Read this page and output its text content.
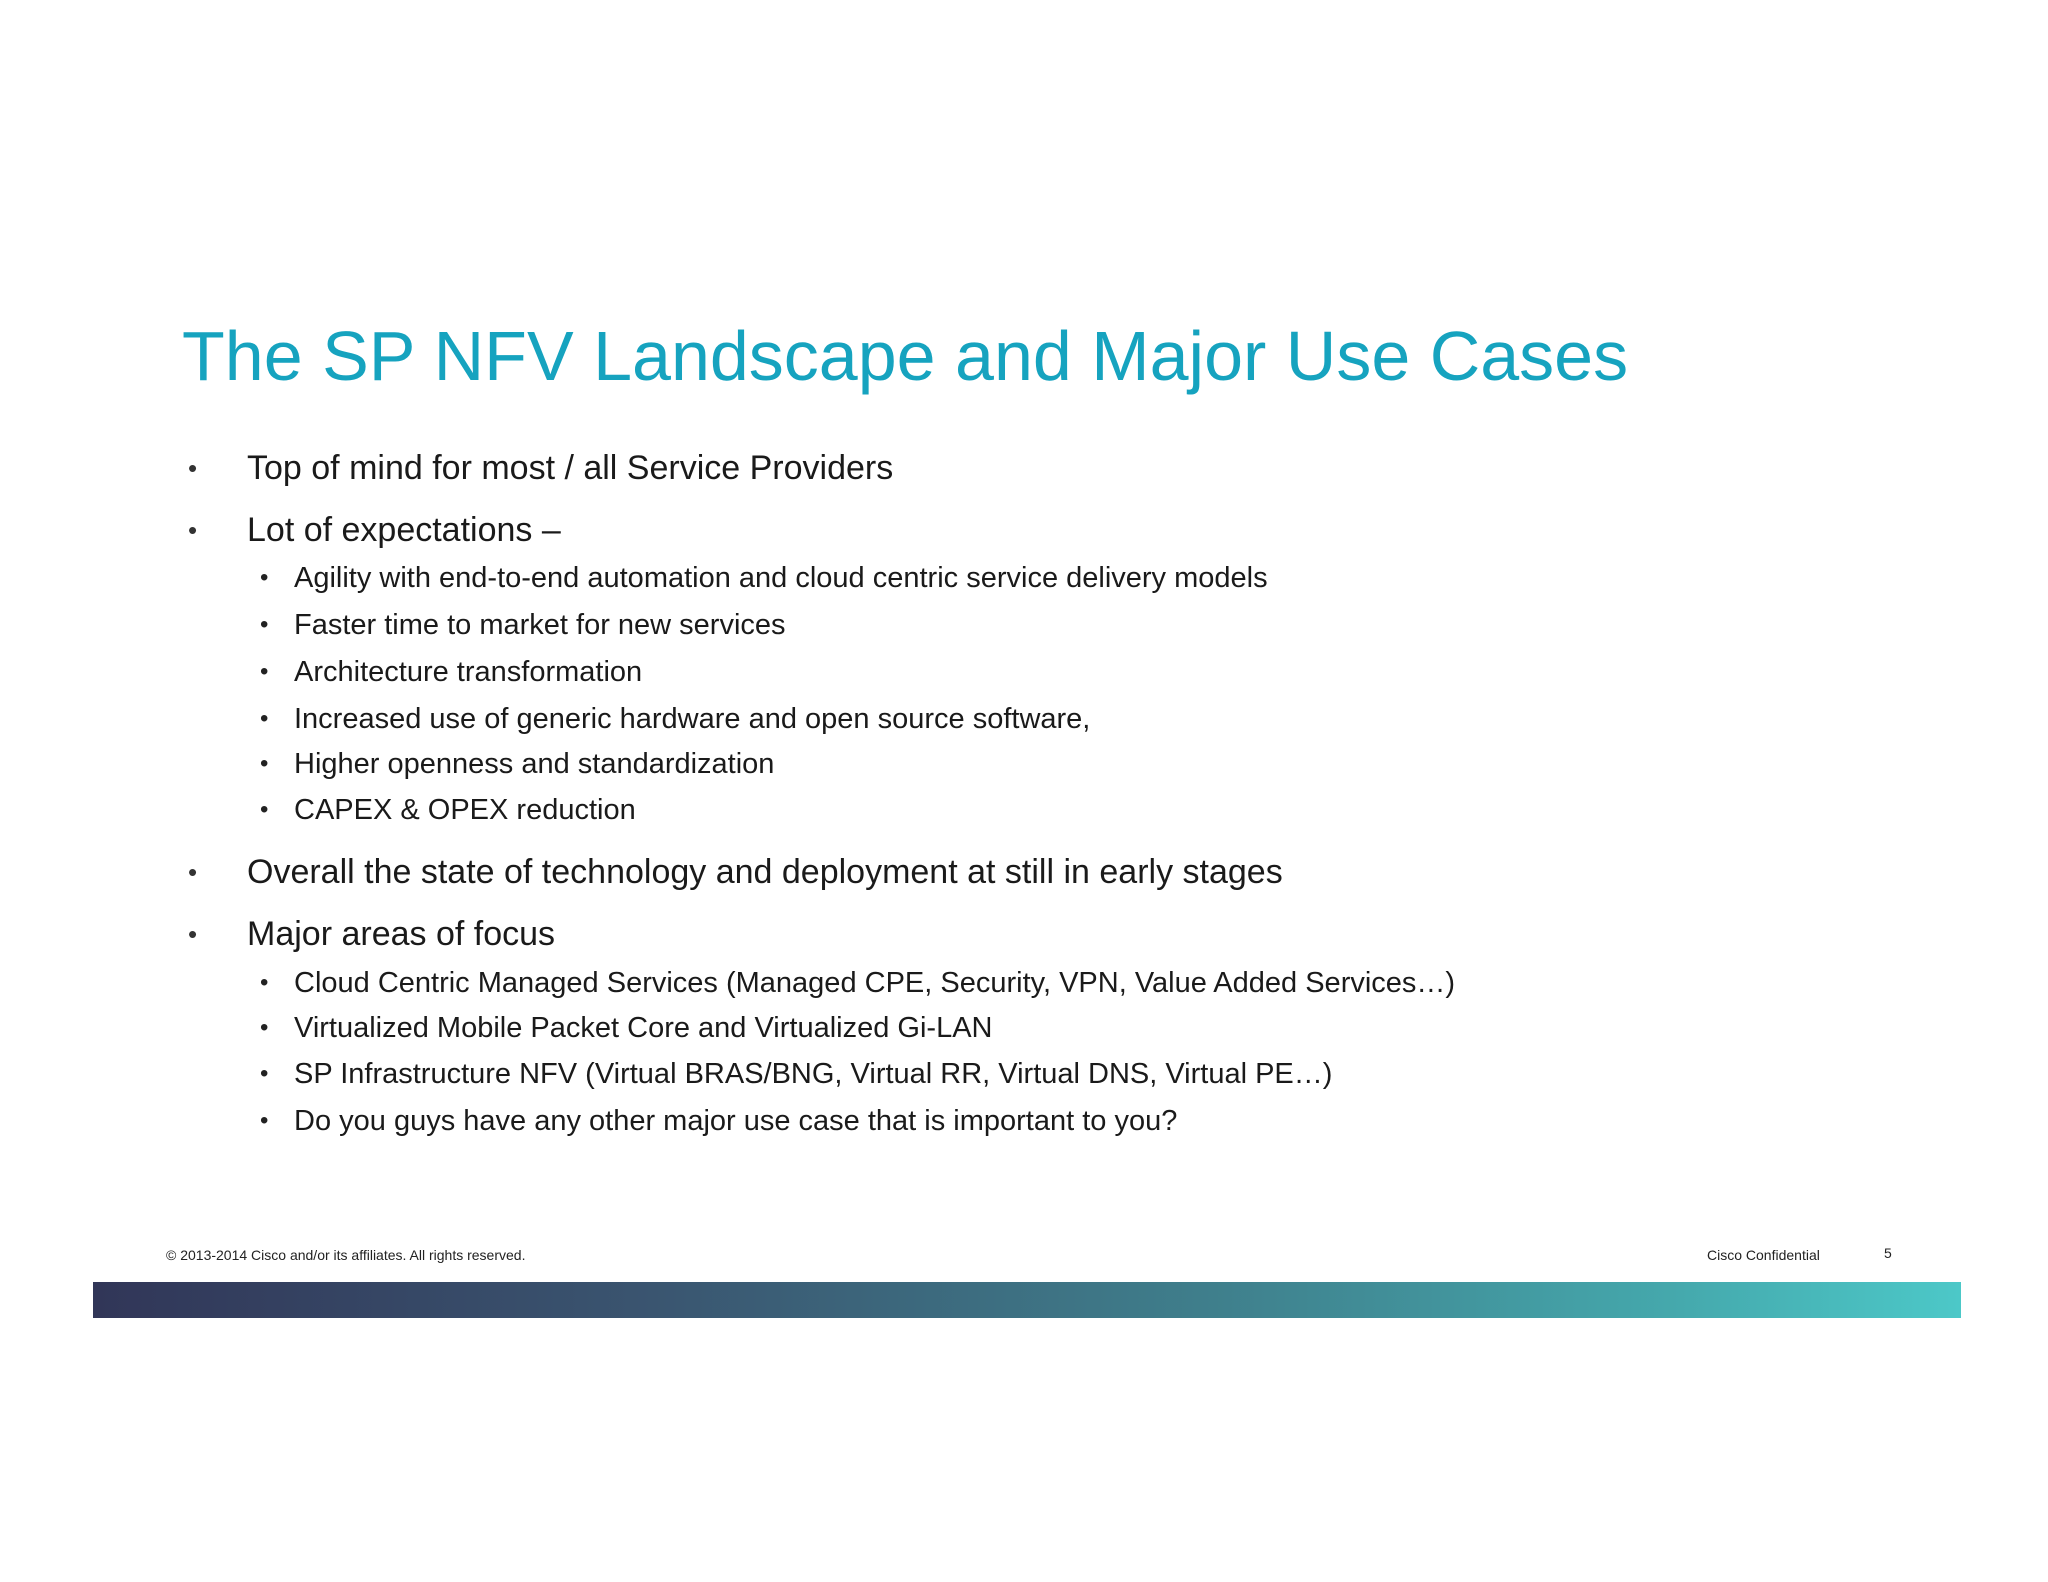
The SP NFV Landscape and Major Use Cases
• Top of mind for most / all Service Providers
• Lot of expectations –
• Agility with end-to-end automation and cloud centric service delivery models
• Faster time to market for new services
• Architecture transformation
• Increased use of generic hardware and open source software,
• Higher openness and standardization
• CAPEX & OPEX reduction
• Overall the state of technology and deployment at still in early stages
• Major areas of focus
• Cloud Centric Managed Services (Managed CPE, Security, VPN, Value Added Services…)
• Virtualized Mobile Packet Core and Virtualized Gi-LAN
• SP Infrastructure NFV (Virtual BRAS/BNG, Virtual RR, Virtual DNS, Virtual PE…)
• Do you guys have any other major use case that is important to you?
© 2013-2014 Cisco and/or its affiliates. All rights reserved.	Cisco Confidential	5
